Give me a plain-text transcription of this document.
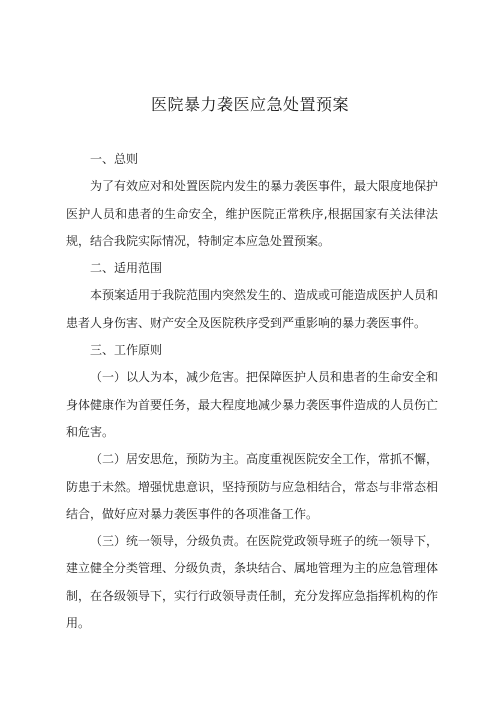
医院暴力袭医应急处置预案

一、总则

为了有效应对和处置医院内发生的暴力袭医事件，最大限度地保护医护人员和患者的生命安全，维护医院正常秩序,根据国家有关法律法规，结合我院实际情况，特制定本应急处置预案。

二、适用范围

本预案适用于我院范围内突然发生的、造成或可能造成医护人员和患者人身伤害、财产安全及医院秩序受到严重影响的暴力袭医事件。

三、工作原则

（一）以人为本，减少危害。把保障医护人员和患者的生命安全和身体健康作为首要任务，最大程度地减少暴力袭医事件造成的人员伤亡和危害。

（二）居安思危，预防为主。高度重视医院安全工作，常抓不懈，防患于未然。增强忧患意识，坚持预防与应急相结合，常态与非常态相结合，做好应对暴力袭医事件的各项准备工作。

（三）统一领导，分级负责。在医院党政领导班子的统一领导下，建立健全分类管理、分级负责，条块结合、属地管理为主的应急管理体制，在各级领导下，实行行政领导责任制，充分发挥应急指挥机构的作用。
